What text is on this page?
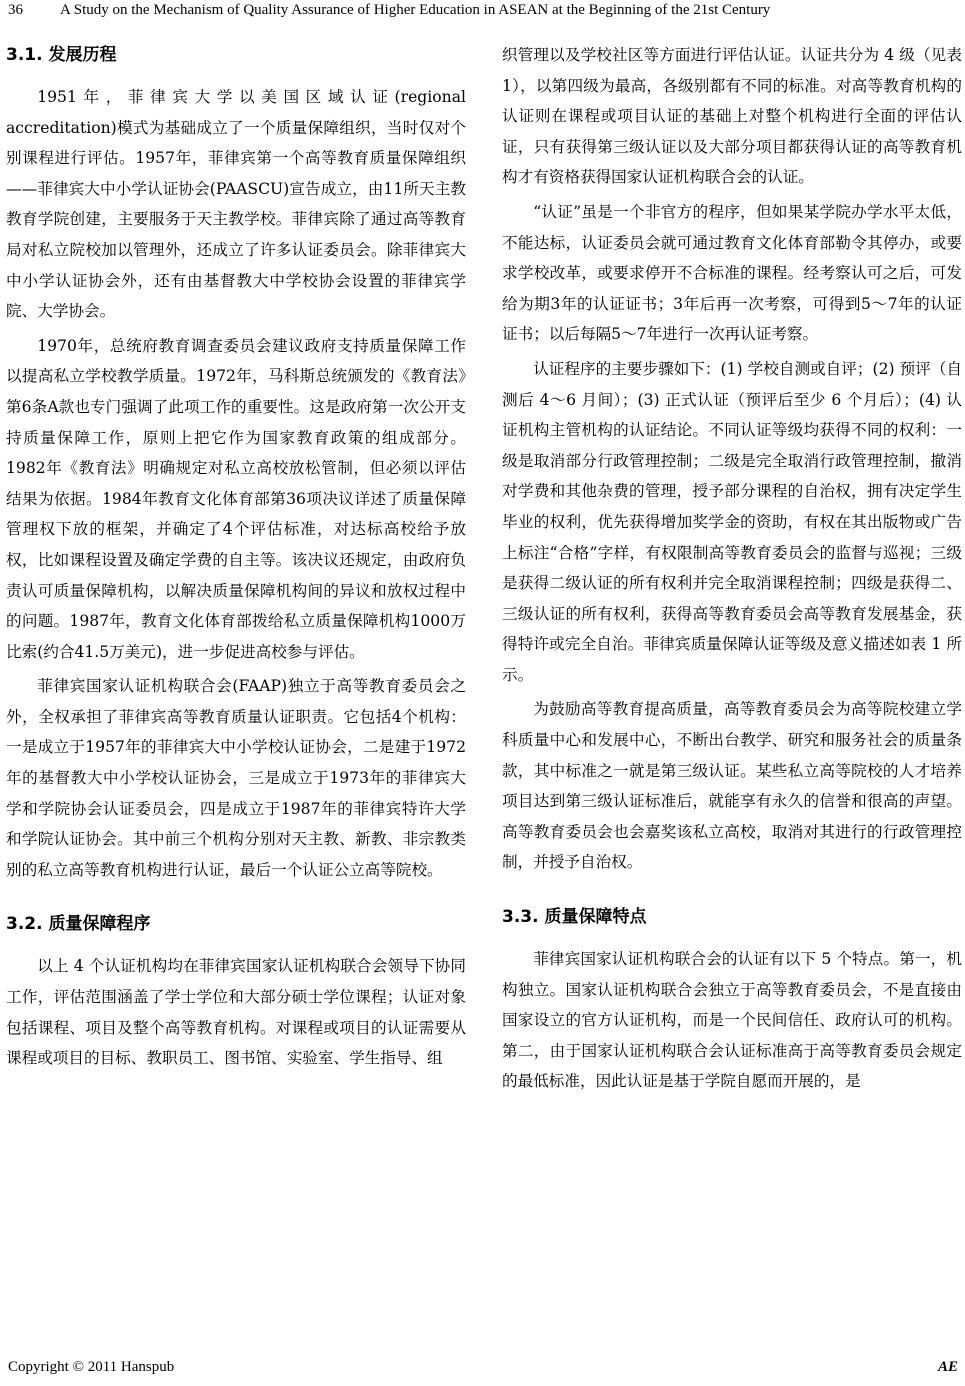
36 A Study on the Mechanism of Quality Assurance of Higher Education in ASEAN at the Beginning of the 21st Century
3.1. 发展历程

1951年，菲律宾大学以美国区域认证(regional accreditation)模式为基础成立了一个质量保障组织，当时仅对个别课程进行评估。1957年，菲律宾第一个高等教育质量保障组织——菲律宾大中小学认证协会(PAASCU)宣告成立，由11所天主教教育学院创建，主要服务于天主教学校。菲律宾除了通过高等教育局对私立院校加以管理外，还成立了许多认证委员会。除菲律宾大中小学认证协会外，还有由基督教大中学校协会设置的菲律宾学院、大学协会。

1970年，总统府教育调查委员会建议政府支持质量保障工作以提高私立学校教学质量。1972年，马科斯总统颁发的《教育法》第6条A款也专门强调了此项工作的重要性。这是政府第一次公开支持质量保障工作，原则上把它作为国家教育政策的组成部分。1982年《教育法》明确规定对私立高校放松管制，但必须以评估结果为依据。1984年教育文化体育部第36项决议详述了质量保障管理权下放的框架，并确定了4个评估标准，对达标高校给予放权，比如课程设置及确定学费的自主等。该决议还规定，由政府负责认可质量保障机构，以解决质量保障机构间的异议和放权过程中的问题。1987年，教育文化体育部拨给私立质量保障机构1000万比索(约合41.5万美元)，进一步促进高校参与评估。

菲律宾国家认证机构联合会(FAAP)独立于高等教育委员会之外，全权承担了菲律宾高等教育质量认证职责。它包括4个机构：一是成立于1957年的菲律宾大中小学校认证协会，二是建于1972年的基督教大中小学校认证协会，三是成立于1973年的菲律宾大学和学院协会认证委员会，四是成立于1987年的菲律宾特许大学和学院认证协会。其中前三个机构分别对天主教、新教、非宗教类别的私立高等教育机构进行认证，最后一个认证公立高等院校。

3.2. 质量保障程序

以上 4 个认证机构均在菲律宾国家认证机构联合会领导下协同工作，评估范围涵盖了学士学位和大部分硕士学位课程；认证对象包括课程、项目及整个高等教育机构。对课程或项目的认证需要从课程或项目的目标、教职员工、图书馆、实验室、学生指导、组

织管理以及学校社区等方面进行评估认证。认证共分为 4 级（见表 1），以第四级为最高，各级别都有不同的标准。对高等教育机构的认证则在课程或项目认证的基础上对整个机构进行全面的评估认证，只有获得第三级认证以及大部分项目都获得认证的高等教育机构才有资格获得国家认证机构联合会的认证。

“认证”虽是一个非官方的程序，但如果某学院办学水平太低，不能达标，认证委员会就可通过教育文化体育部勒令其停办，或要求学校改革，或要求停开不合标准的课程。经考察认可之后，可发给为期3年的认证证书；3年后再一次考察，可得到5～7年的认证证书；以后每隔5～7年进行一次再认证考察。

认证程序的主要步骤如下：(1) 学校自测或自评；(2) 预评（自测后 4～6 月间）；(3) 正式认证（预评后至少 6 个月后）；(4) 认证机构主管机构的认证结论。不同认证等级均获得不同的权利：一级是取消部分行政管理控制；二级是完全取消行政管理控制，撤消对学费和其他杂费的管理，授予部分课程的自治权，拥有决定学生毕业的权利，优先获得增加奖学金的资助，有权在其出版物或广告上标注“合格”字样，有权限制高等教育委员会的监督与巡视；三级是获得二级认证的所有权利并完全取消课程控制；四级是获得二、三级认证的所有权利，获得高等教育委员会高等教育发展基金，获得特许或完全自治。菲律宾质量保障认证等级及意义描述如表 1 所示。

为鼓励高等教育提高质量，高等教育委员会为高等院校建立学科质量中心和发展中心，不断出台教学、研究和服务社会的质量条款，其中标准之一就是第三级认证。某些私立高等院校的人才培养项目达到第三级认证标准后，就能享有永久的信誉和很高的声望。高等教育委员会也会嘉奖该私立高校，取消对其进行的行政管理控制，并授予自治权。

3.3. 质量保障特点

菲律宾国家认证机构联合会的认证有以下 5 个特点。第一，机构独立。国家认证机构联合会独立于高等教育委员会，不是直接由国家设立的官方认证机构，而是一个民间信任、政府认可的机构。第二，由于国家认证机构联合会认证标准高于高等教育委员会规定的最低标准，因此认证是基于学院自愿而开展的，是

Copyright © 2011 Hanspub	AE
